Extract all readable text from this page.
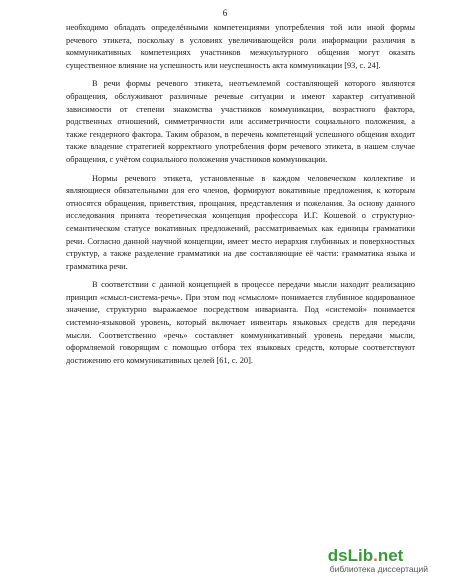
6

необходимо обладать определёнными компетенциями употребления той или иной формы речевого этикета, поскольку в условиях увеличивающейся роли информации различия в коммуникативных компетенциях участников межкультурного общения могут оказать существенное влияние на успешность или неуспешность акта коммуникации [93, с. 24].

В речи формы речевого этикета, неотъемлемой составляющей которого являются обращения, обслуживают различные речевые ситуации и имеют характер ситуативной зависимости от степени знакомства участников коммуникации, возрастного фактора, родственных отношений, симметричности или ассиметричности социального положения, а также гендерного фактора. Таким образом, в перечень компетенций успешного общения входит также владение стратегией корректного употребления форм речевого этикета, в нашем случае обращения, с учётом социального положения участников коммуникации.

Нормы речевого этикета, установленные в каждом человеческом коллективе и являющиеся обязательными для его членов, формируют вокативные предложения, к которым относятся обращения, приветствия, прощания, представления и пожелания. За основу данного исследования принята теоретическая концепция профессора И.Г. Кошевой о структурно-семантическом статусе вокативных предложений, рассматриваемых как единицы грамматики речи. Согласно данной научной концепции, имеет место иерархия глубинных и поверхностных структур, а также разделение грамматики на две составляющие её части: грамматика языка и грамматика речи.

В соответствии с данной концепцией в процессе передачи мысли находит реализацию принцип «смысл-система-речь». При этом под «смыслом» понимается глубинное кодированное значение, структурно выражаемое посредством инварианта. Под «системой» понимается системно-языковой уровень, который включает инвентарь языковых средств для передачи мысли. Соответственно «речь» составляет коммуникативный уровень передачи мысли, оформляемой говорящим с помощью отбора тех языковых средств, которые соответствуют достижению его коммуникативных целей [61, с. 20].

dsLib.net
библиотека диссертаций
